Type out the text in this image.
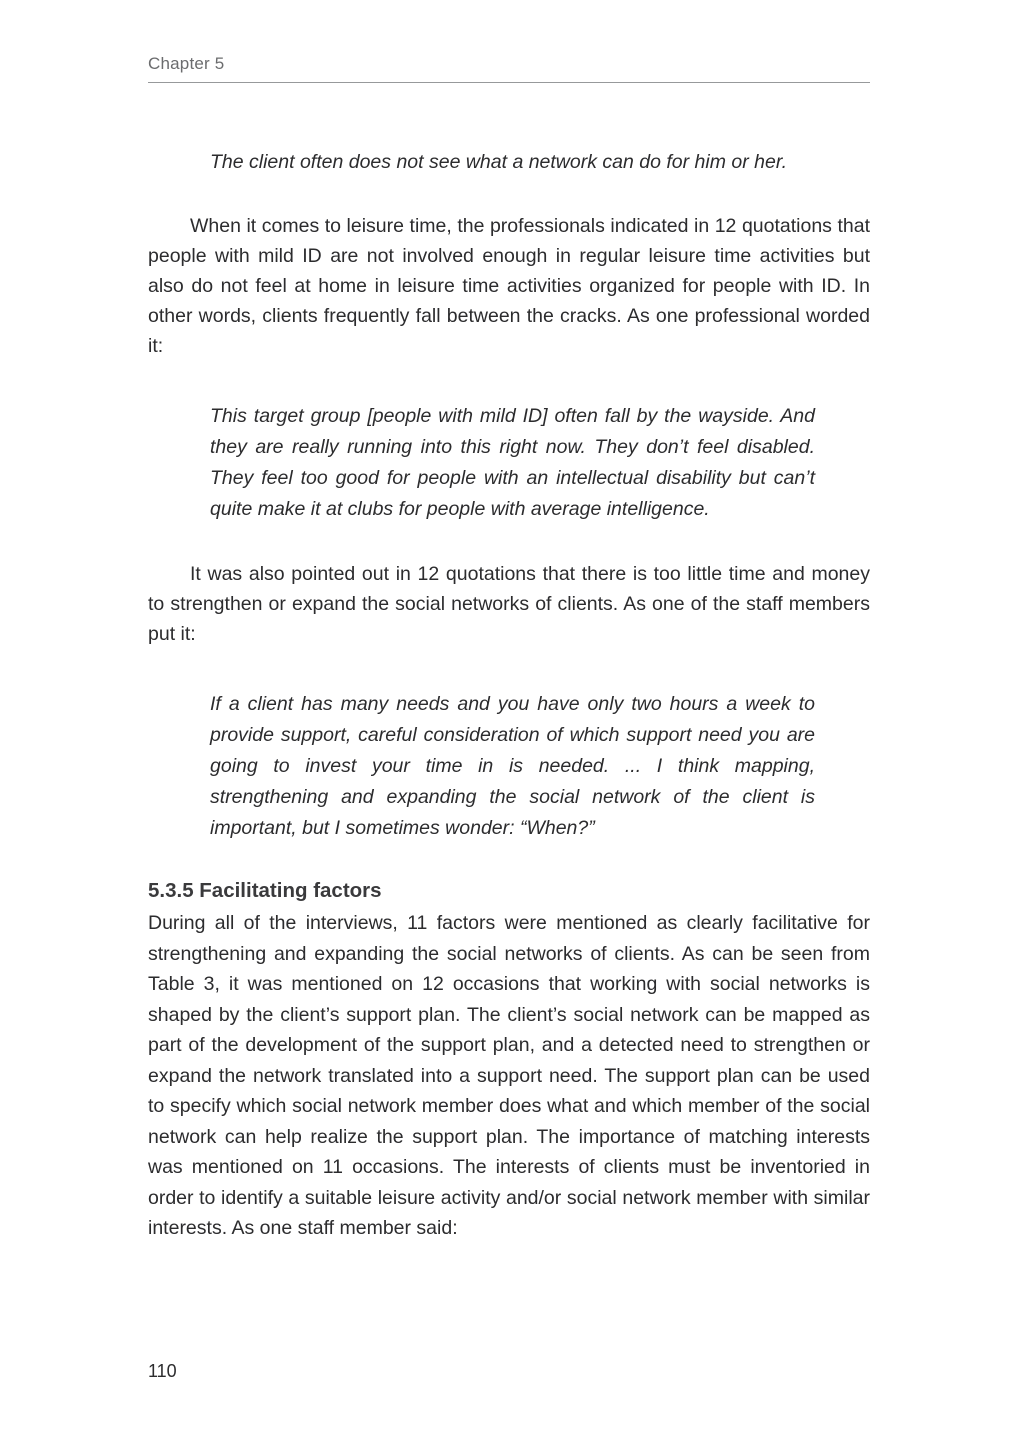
Chapter 5

The client often does not see what a network can do for him or her.

When it comes to leisure time, the professionals indicated in 12 quotations that people with mild ID are not involved enough in regular leisure time activities but also do not feel at home in leisure time activities organized for people with ID. In other words, clients frequently fall between the cracks. As one professional worded it:

This target group [people with mild ID] often fall by the wayside. And they are really running into this right now. They don’t feel disabled. They feel too good for people with an intellectual disability but can’t quite make it at clubs for people with average intelligence.

It was also pointed out in 12 quotations that there is too little time and money to strengthen or expand the social networks of clients. As one of the staff members put it:

If a client has many needs and you have only two hours a week to provide support, careful consideration of which support need you are going to invest your time in is needed. ... I think mapping, strengthening and expanding the social network of the client is important, but I sometimes wonder: “When?”

5.3.5 Facilitating factors

During all of the interviews, 11 factors were mentioned as clearly facilitative for strengthening and expanding the social networks of clients. As can be seen from Table 3, it was mentioned on 12 occasions that working with social networks is shaped by the client’s support plan. The client’s social network can be mapped as part of the development of the support plan, and a detected need to strengthen or expand the network translated into a support need. The support plan can be used to specify which social network member does what and which member of the social network can help realize the support plan. The importance of matching interests was mentioned on 11 occasions. The interests of clients must be inventoried in order to identify a suitable leisure activity and/or social network member with similar interests. As one staff member said:

110
